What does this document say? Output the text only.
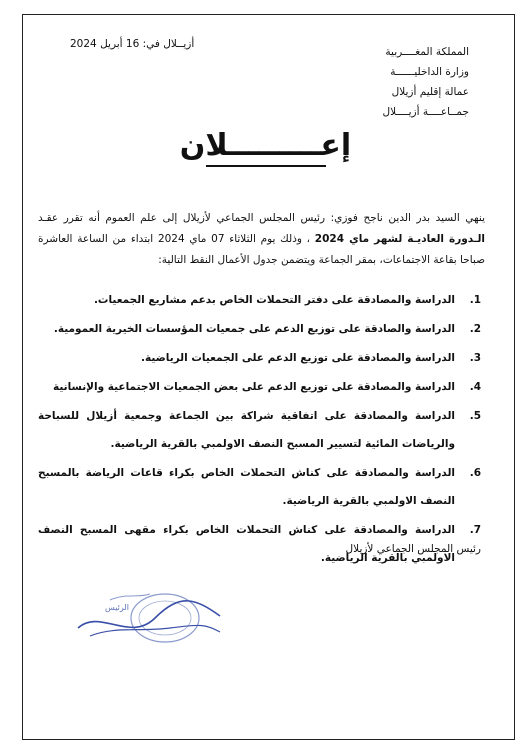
المملكة المغــــربية
وزارة الداخليــــــة
عمالة إقليم أزيلال
جمــاعــــة أزيــــلال
أزيــلال في: 16 أبريل 2024
إعـــــــــلان
ينهي السيد بدر الدين ناجح فوزي: رئيس المجلس الجماعي لأزيلال إلى علم العموم أنه تقرر عقـد الـدورة العاديـة لشهر ماي 2024 ، وذلك يوم الثلاثاء 07 ماي 2024 ابتداء من الساعة العاشرة صباحا بقاعة الاجتماعات، بمقر الجماعة ويتضمن جدول الأعمال النقط التالية:
1.
الدراسة والمصادقة على دفتر التحملات الخاص بدعم مشاريع الجمعيات.
2.
الدراسة والصادقة على توزيع الدعم على جمعيات المؤسسات الخيرية العمومية.
3.
الدراسة والمصادقة على توزيع الدعم على الجمعيات الرياضية.
4.
الدراسة والمصادقة على توزيع الدعم على بعض الجمعيات الاجتماعية والإنسانية
5.
الدراسة والمصادقة على اتفاقية شراكة بين الجماعة وجمعية أزيلال للسباحة والرياضات المائية لتسيير المسبح النصف الاولمبي بالقرية الرياضية.
6.
الدراسة والمصادقة على كناش التحملات الخاص بكراء قاعات الرياضة بالمسبح النصف الاولمبي بالقرية الرياضية.
7.
الدراسة والمصادقة على كناش التحملات الخاص بكراء مقهى المسبح النصف الاولمبي بالقرية الرياضية.
رئيس المجلس الجماعي لأزيلال
الرئيس
